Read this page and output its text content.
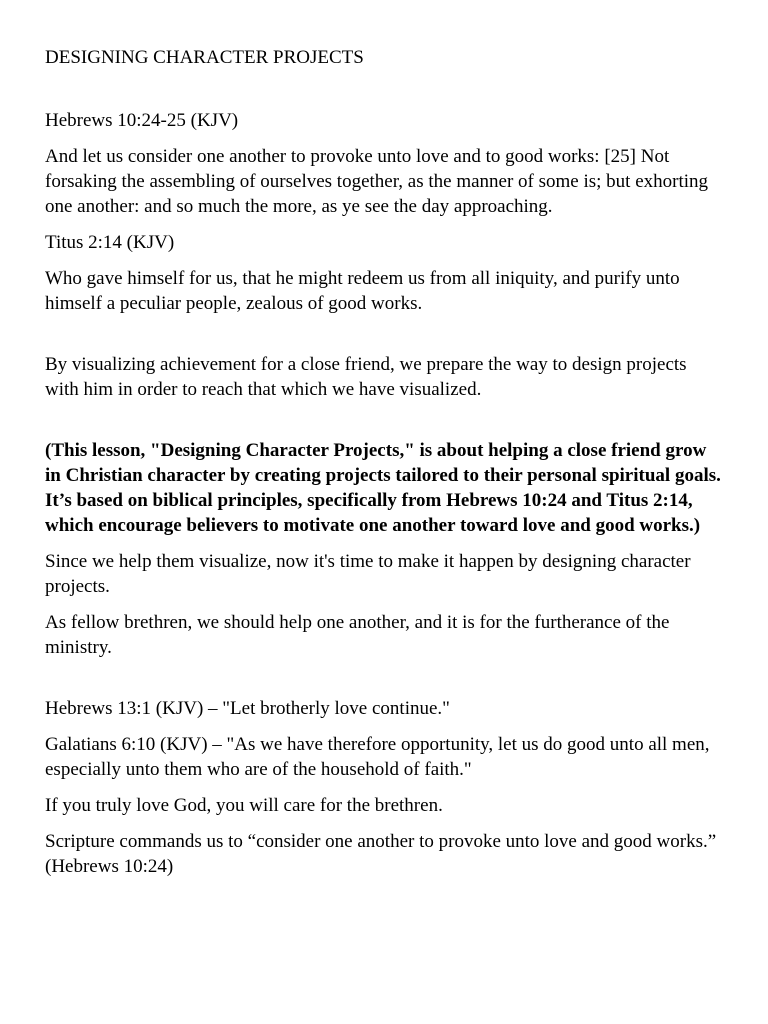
DESIGNING CHARACTER PROJECTS

Hebrews 10:24-25 (KJV)

And let us consider one another to provoke unto love and to good works: [25] Not forsaking the assembling of ourselves together, as the manner of some is; but exhorting one another: and so much the more, as ye see the day approaching.

Titus 2:14 (KJV)

Who gave himself for us, that he might redeem us from all iniquity, and purify unto himself a peculiar people, zealous of good works.

By visualizing achievement for a close friend, we prepare the way to design projects with him in order to reach that which we have visualized.

(This lesson, "Designing Character Projects," is about helping a close friend grow in Christian character by creating projects tailored to their personal spiritual goals. It’s based on biblical principles, specifically from Hebrews 10:24 and Titus 2:14, which encourage believers to motivate one another toward love and good works.)

Since we help them visualize, now it's time to make it happen by designing character projects.

As fellow brethren, we should help one another, and it is for the furtherance of the ministry.

Hebrews 13:1 (KJV) – "Let brotherly love continue."

Galatians 6:10 (KJV) – "As we have therefore opportunity, let us do good unto all men, especially unto them who are of the household of faith."

If you truly love God, you will care for the brethren.

Scripture commands us to “consider one another to provoke unto love and good works.” (Hebrews 10:24)
